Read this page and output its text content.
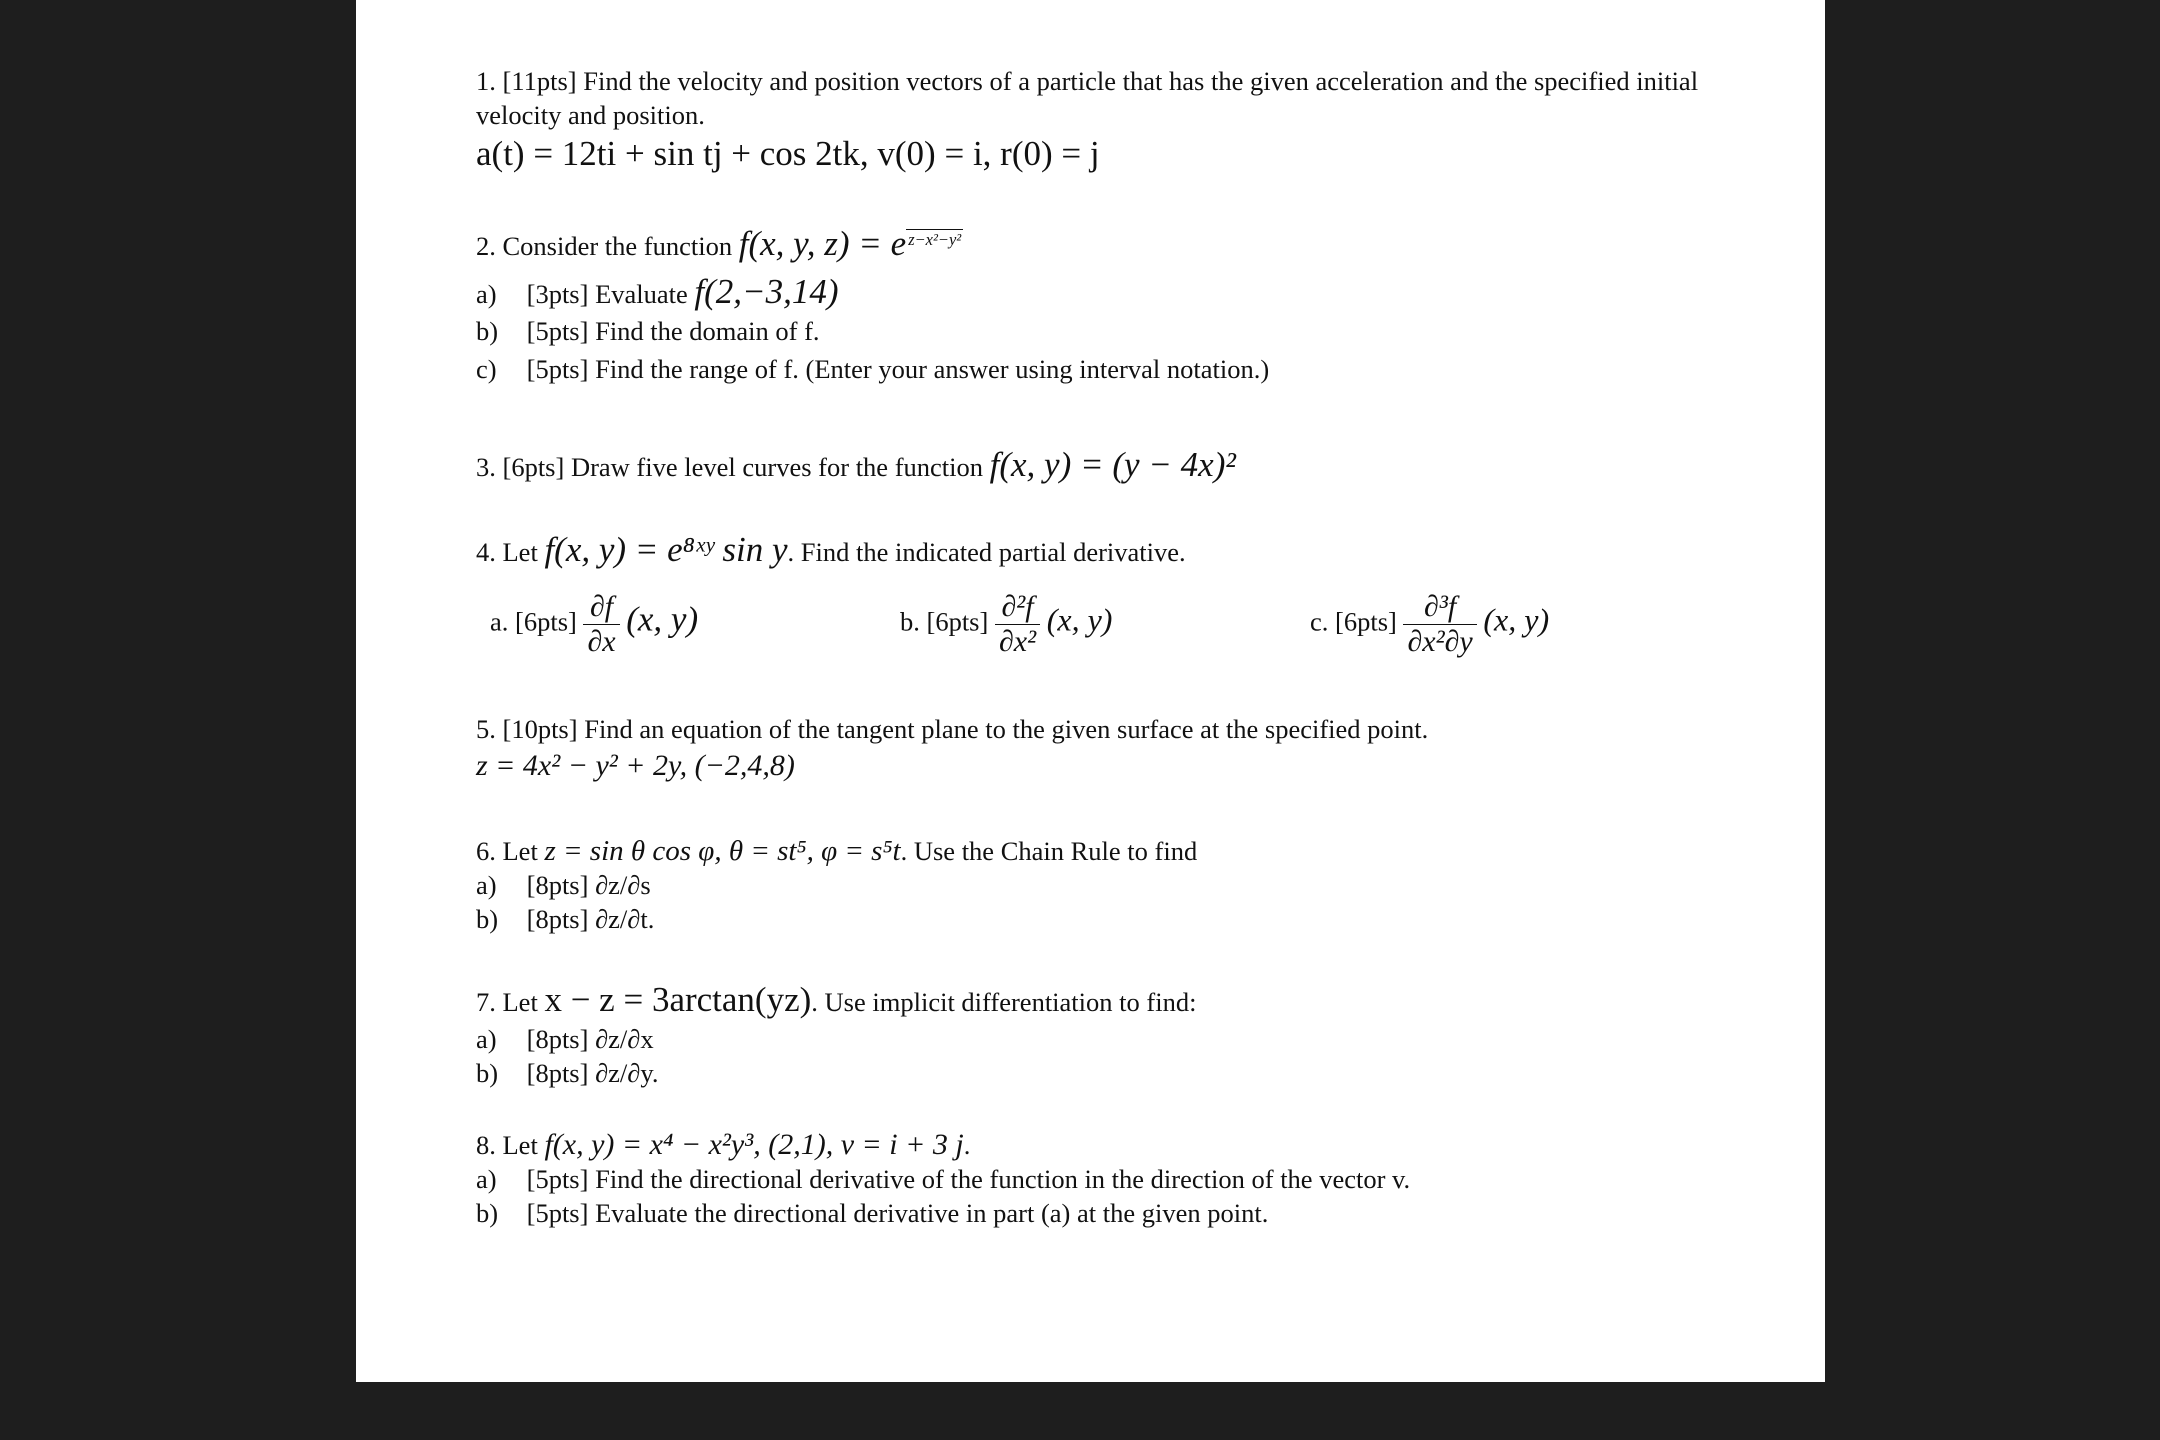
1. [11pts] Find the velocity and position vectors of a particle that has the given acceleration and the specified initial velocity and position.

a(t) = 12ti + sin tj + cos 2tk, v(0) = i, r(0) = j

2. Consider the function f(x, y, z) = e $^{z-x^2-y^2}$

a) [3pts] Evaluate f(2,−3,14)

b) [5pts] Find the domain of f.

c) [5pts] Find the range of f. (Enter your answer using interval notation.)

3. [6pts] Draw five level curves for the function f(x, y) = (y − 4x)²

4. Let f(x, y) = e⁸ˣʸ sin y. Find the indicated partial derivative.

a. $[6pts] \frac{\partial f}{\partial x} (x$, y)	b. $[6pts] \frac{\text{∂²f}}{\text{∂x²}} (x$, y)	c. $[6pts] \frac{\text{∂³f}}{\text{∂x²∂y}} (x$, y)

5. [10pts] Find an equation of the tangent plane to the given surface at the specified point.

z = 4x² − y² + 2y, (−2,4,8)

6. Let z = sin θ cos φ, θ = st⁵, φ = s⁵t. Use the Chain Rule to find

a) [8pts] ∂z/∂s

b) [8pts] ∂z/∂t.

7. Let x − z = 3arctan(yz). Use implicit differentiation to find:

a) [8pts] ∂z/∂x

b) [8pts] ∂z/∂y.

8. Let f(x, y) = x⁴ − x²y³, (2,1), v = i + 3 j.

a) [5pts] Find the directional derivative of the function in the direction of the vector v.

b) [5pts] Evaluate the directional derivative in part (a) at the given point.
